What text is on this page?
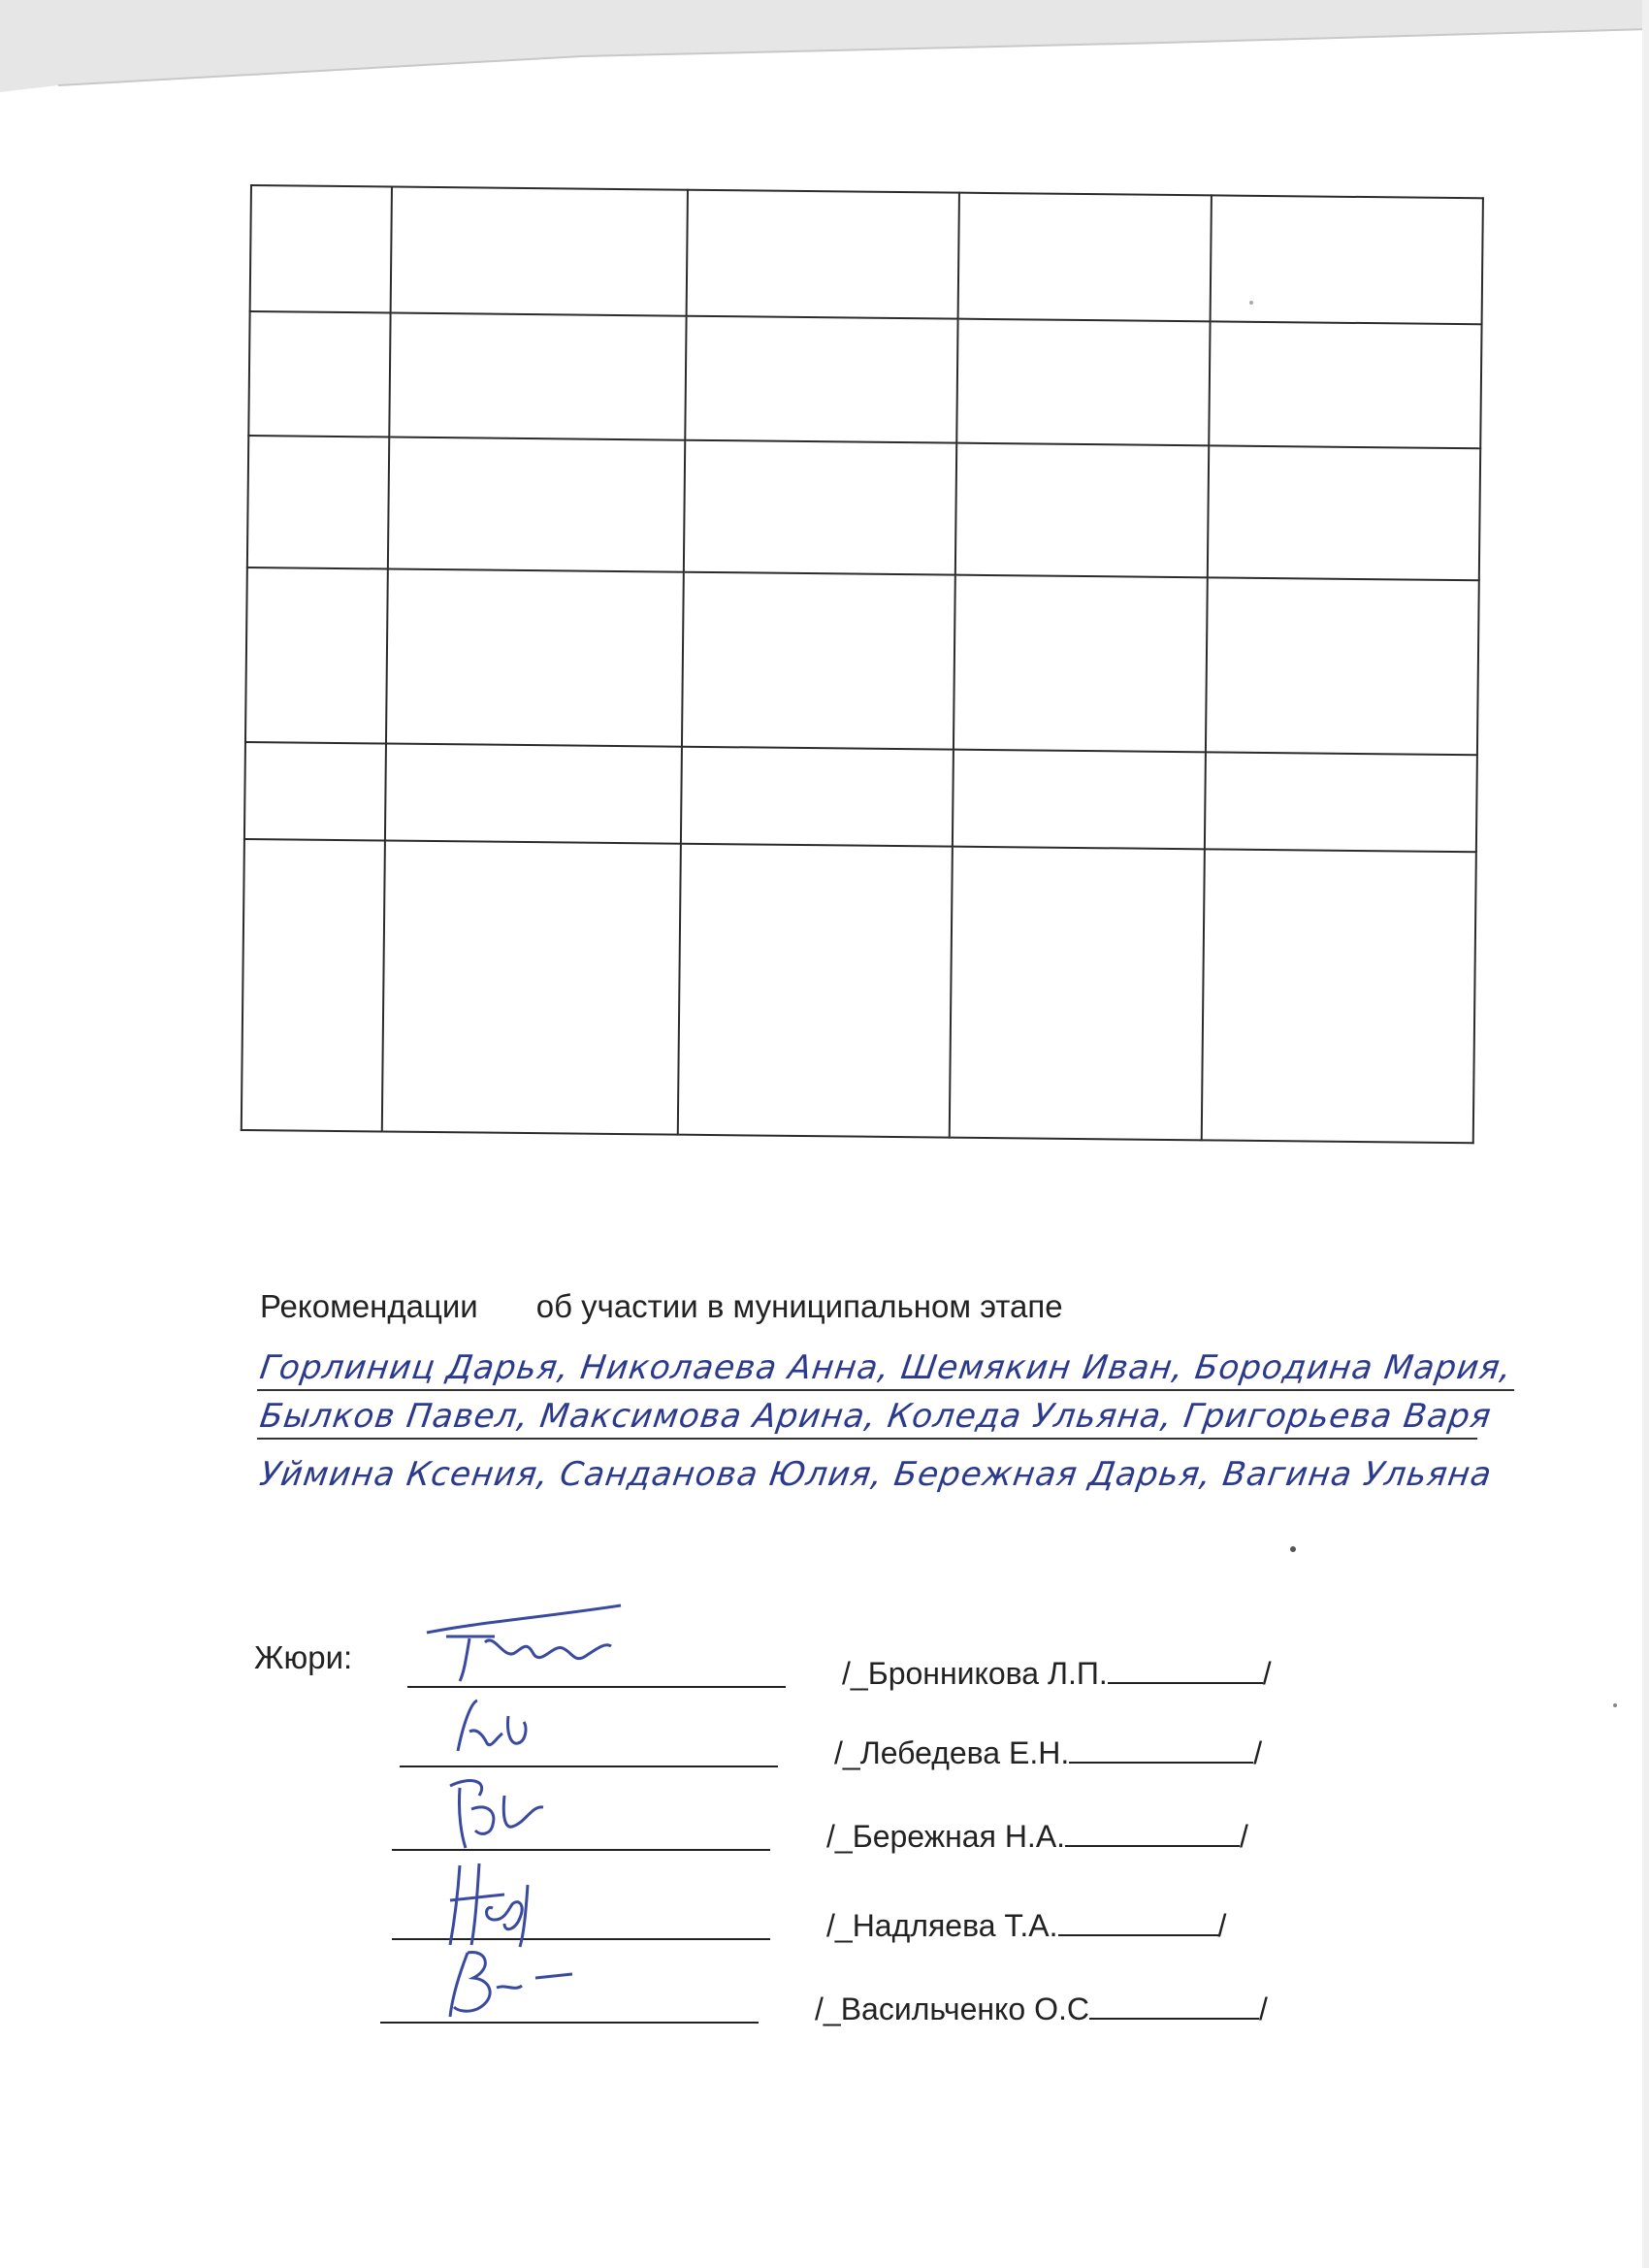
Рекомендации об участии в муниципальном этапе
Горлиниц Дарья, Николаева Анна, Шемякин Иван, Бородина Мария,
Былков Павел, Максимова Арина, Коледа Ульяна, Григорьева Варя
Уймина Ксения, Санданова Юлия, Бережная Дарья, Вагина Ульяна
Жюри:	/_Бронникова Л.П.	/
/_Лебедева Е.Н.	/
/_Бережная Н.А.	/
/_Надляева Т.А.	/
/_Васильченко О.С	/
